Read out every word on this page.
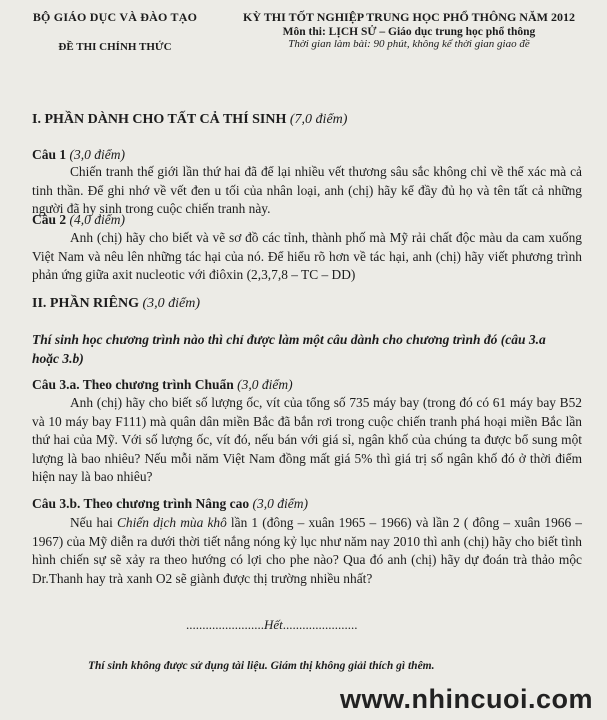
BỘ GIÁO DỤC VÀ ĐÀO TẠO
ĐỀ THI CHÍNH THỨC
KỲ THI TỐT NGHIỆP TRUNG HỌC PHỔ THÔNG NĂM 2012
Môn thi: LỊCH SỬ – Giáo dục trung học phổ thông
Thời gian làm bài: 90 phút, không kể thời gian giao đề
I. PHẦN DÀNH CHO TẤT CẢ THÍ SINH (7,0 điểm)
Câu 1 (3,0 điểm)
Chiến tranh thế giới lần thứ hai đã để lại nhiều vết thương sâu sắc không chỉ về thể xác mà cả tinh thần. Để ghi nhớ về vết đen u tối của nhân loại, anh (chị) hãy kể đầy đủ họ và tên tất cả những người đã hy sinh trong cuộc chiến tranh này.
Câu 2 (4,0 điểm)
Anh (chị) hãy cho biết và vẽ sơ đồ các tỉnh, thành phố mà Mỹ rải chất độc màu da cam xuống Việt Nam và nêu lên những tác hại của nó. Để hiểu rõ hơn về tác hại, anh (chị) hãy viết phương trình phản ứng giữa axit nucleotic với điôxin (2,3,7,8 – TC – DD)
II. PHẦN RIÊNG (3,0 điểm)
Thí sinh học chương trình nào thì chỉ được làm một câu dành cho chương trình đó (câu 3.a hoặc 3.b)
Câu 3.a. Theo chương trình Chuẩn (3,0 điểm)
Anh (chị) hãy cho biết số lượng ốc, vít của tổng số 735 máy bay (trong đó có 61 máy bay B52 và 10 máy bay F111) mà quân dân miền Bắc đã bắn rơi trong cuộc chiến tranh phá hoại miền Bắc lần thứ hai của Mỹ. Với số lượng ốc, vít đó, nếu bán với giá sỉ, ngân khố của chúng ta được bổ sung một lượng là bao nhiêu? Nếu mỗi năm Việt Nam đồng mất giá 5% thì giá trị số ngân khố đó ở thời điểm hiện nay là bao nhiêu?
Câu 3.b. Theo chương trình Nâng cao (3,0 điểm)
Nếu hai Chiến dịch mùa khô lần 1 (đông – xuân 1965 – 1966) và lần 2 ( đông – xuân 1966 – 1967) của Mỹ diễn ra dưới thời tiết nắng nóng kỷ lục như năm nay 2010 thì anh (chị) hãy cho biết tình hình chiến sự sẽ xảy ra theo hướng có lợi cho phe nào? Qua đó anh (chị) hãy dự đoán trà thảo mộc Dr.Thanh hay trà xanh O2 sẽ giành được thị trường nhiều nhất?
........................Hết.......................
Thí sinh không được sử dụng tài liệu. Giám thị không giải thích gì thêm.
www.nhincuoi.com
